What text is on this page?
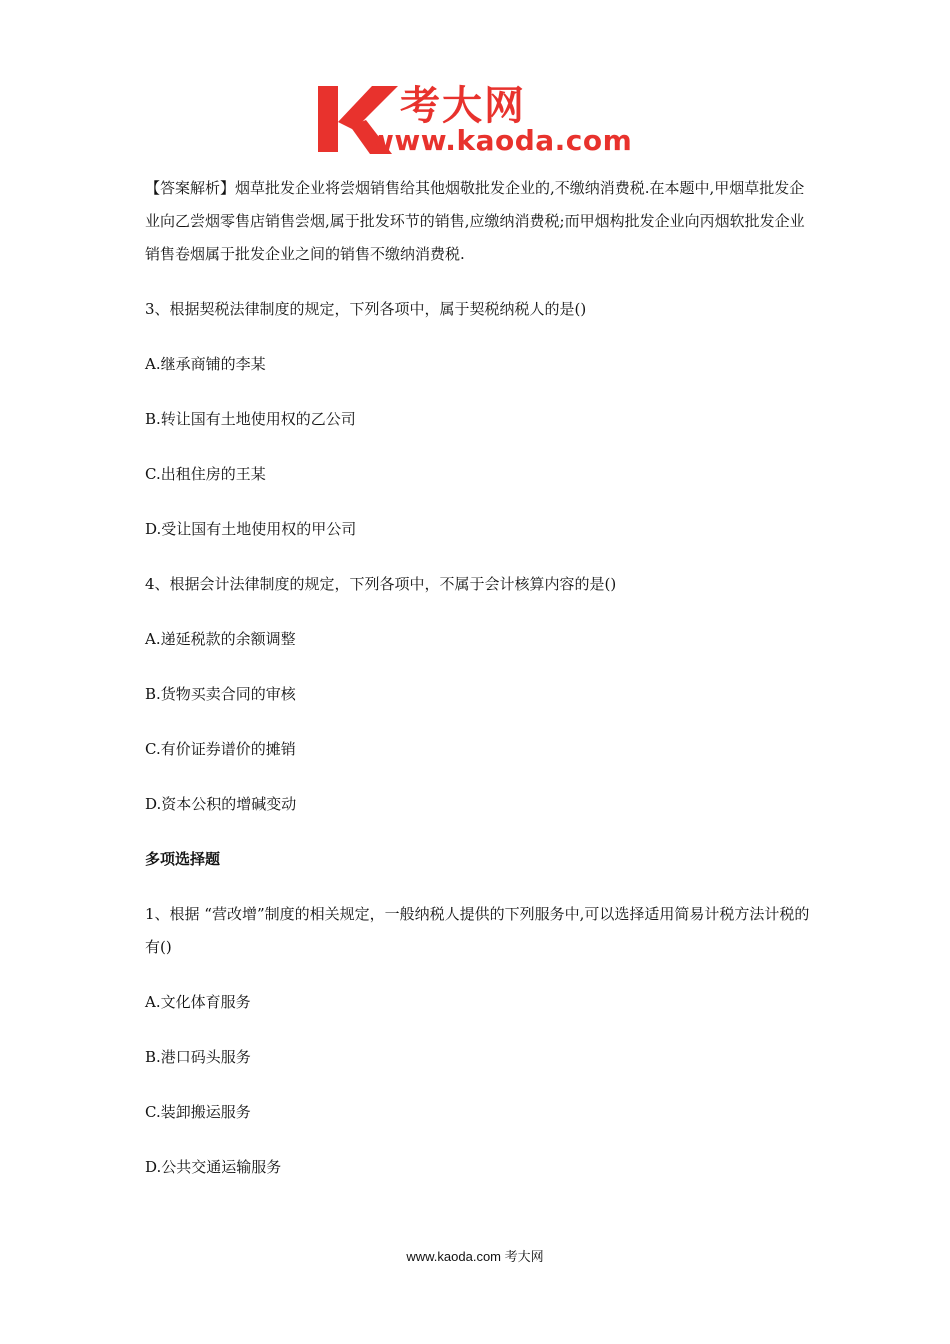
考大网
www.kaoda.com

【答案解析】烟草批发企业将尝烟销售给其他烟敬批发企业的,不缴纳消费税.在本题中,甲烟草批发企业向乙尝烟零售店销售尝烟,属于批发环节的销售,应缴纳消费税;而甲烟构批发企业向丙烟软批发企业销售卷烟属于批发企业之间的销售不缴纳消费税.

3、根据契税法律制度的规定，下列各项中，属于契税纳税人的是()

A.继承商铺的李某

B.转让国有土地使用权的乙公司

C.出租住房的王某

D.受让国有土地使用权的甲公司

4、根据会计法律制度的规定，下列各项中，不属于会计核算内容的是()

A.递延税款的余额调整

B.货物买卖合同的审核

C.有价证券谱价的摊销

D.资本公积的增碱变动

多项选择题

1、根据 “营改增”制度的相关规定，一般纳税人提供的下列服务中,可以选择适用简易计税方法计税的有()

A.文化体育服务

B.港口码头服务

C.装卸搬运服务

D.公共交通运输服务

www.kaoda.com 考大网
